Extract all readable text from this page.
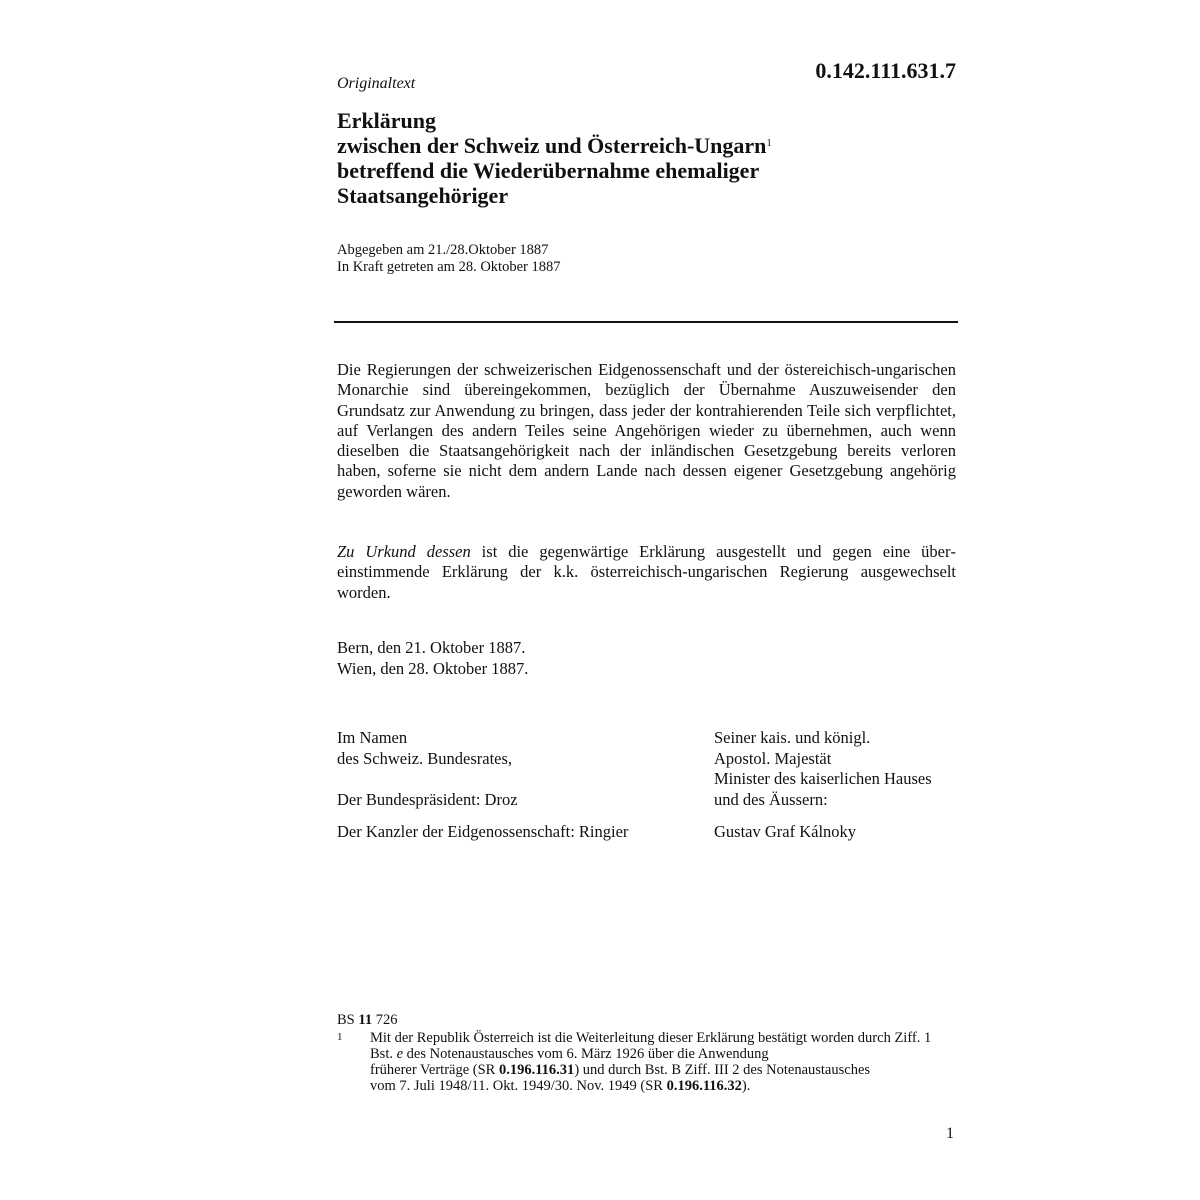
0.142.111.631.7
Originaltext
Erklärung
zwischen der Schweiz und Österreich-Ungarn$^1$
betreffend die Wiederübernahme ehemaliger
Staatsangehöriger
Abgegeben am 21./28.Oktober 1887
In Kraft getreten am 28. Oktober 1887

Die Regierungen der schweizerischen Eidgenossenschaft und der östereichisch-ungarischen Monarchie sind übereingekommen, bezüglich der Übernahme Auszuweisender den Grundsatz zur Anwendung zu bringen, dass jeder der kontrahierenden Teile sich verpflichtet, auf Verlangen des andern Teiles seine Angehörigen wieder zu übernehmen, auch wenn dieselben die Staatsangehörigkeit nach der inländischen Gesetzgebung bereits verloren haben, soferne sie nicht dem andern Lande nach dessen eigener Gesetzgebung angehörig geworden wären.

Zu Urkund dessen ist die gegenwärtige Erklärung ausgestellt und gegen eine übereinstimmende Erklärung der k.k. österreichisch-ungarischen Regierung ausgewechselt worden.

Bern, den 21. Oktober 1887.
Wien, den 28. Oktober 1887.
Im Namen
des Schweiz. Bundesrates,
Der Bundespräsident: Droz
Der Kanzler der Eidgenossenschaft: Ringier
Seiner kais. und königl.
Apostol. Majestät
Minister des kaiserlichen Hauses
und des Äussern:
Gustav Graf Kálnoky
BS 11 726
1	Mit der Republik Österreich ist die Weiterleitung dieser Erklärung bestätigt worden durch Ziff. 1 Bst. e des Notenaustausches vom 6. März 1926 über die Anwendung
früherer Verträge (SR 0.196.116.31) und durch Bst. B Ziff. III 2 des Notenaustausches
vom 7. Juli 1948/11. Okt. 1949/30. Nov. 1949 (SR 0.196.116.32).
1
